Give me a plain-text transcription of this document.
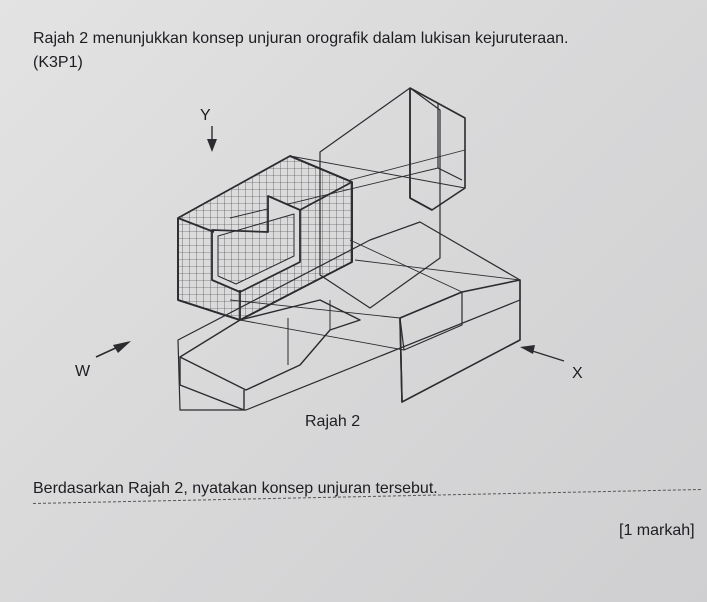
Rajah 2 menunjukkan konsep unjuran orografik dalam lukisan kejuruteraan.
(K3P1)
Y
W	X
Rajah 2
Berdasarkan Rajah 2, nyatakan konsep unjuran tersebut.
[1 markah]
